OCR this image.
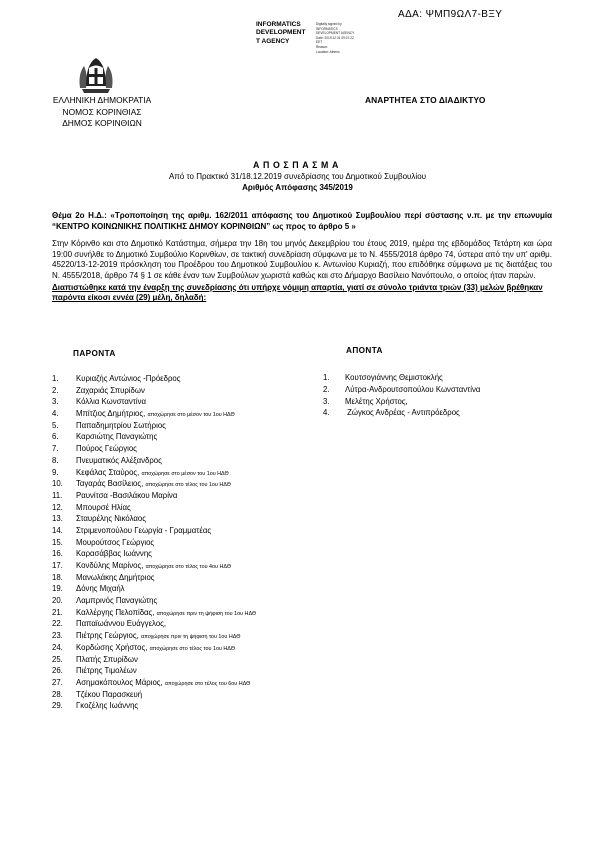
ΑΔΑ: ΨΜΠ9ΩΛ7-ΒΞΥ
INFORMATICS
DEVELOPMENT
T AGENCY
Digitally signed by
INFORMATICS
DEVELOPMENT AGENCY
Date: 2019.12.31 09:07:22
EET
Reason:
Location: Athens
ΕΛΛΗΝΙΚΗ ΔΗΜΟΚΡΑΤΙΑ
ΝΟΜΟΣ ΚΟΡΙΝΘΙΑΣ
ΔΗΜΟΣ ΚΟΡΙΝΘΙΩΝ
ΑΝΑΡΤΗΤΕΑ ΣΤΟ ΔΙΑΔΙΚΤΥΟ
ΑΠΟΣΠΑΣΜΑ
Από το Πρακτικό 31/18.12.2019 συνεδρίασης του Δημοτικού Συμβουλίου
Αριθμός Απόφασης 345/2019
Θέμα 2ο Η.Δ.: «Τροποποίηση της αριθμ. 162/2011 απόφασης του Δημοτικού Συμβουλίου περί σύστασης ν.π. με την επωνυμία “ΚΕΝΤΡΟ ΚΟΙΝΩΝΙΚΗΣ ΠΟΛΙΤΙΚΗΣ ΔΗΜΟΥ ΚΟΡΙΝΘΙΩΝ” ως προς το άρθρο 5 »
Στην Κόρινθο και στο Δημοτικό Κατάστημα, σήμερα την 18η του μηνός Δεκεμβρίου του έτους 2019, ημέρα της εβδομάδος Τετάρτη και ώρα 19:00 συνήλθε το Δημοτικό Συμβούλιο Κορινθίων, σε τακτική συνεδρίαση σύμφωνα με το Ν. 4555/2018 άρθρο 74, ύστερα από την υπ' αριθμ. 45220/13-12-2019 πρόσκληση του Προέδρου του Δημοτικού Συμβουλίου κ. Αντωνίου Κυριαζή, που επιδόθηκε σύμφωνα με τις διατάξεις του Ν. 4555/2018, άρθρο 74 § 1 σε κάθε έναν των Συμβούλων χωριστά καθώς και στο Δήμαρχο Βασίλειο Νανόπουλο, ο οποίος ήταν παρών.
Διαπιστώθηκε κατά την έναρξη της συνεδρίασης ότι υπήρχε νόμιμη απαρτία, γιατί σε σύνολο τριάντα τριών (33) μελών βρέθηκαν παρόντα είκοσι εννέα (29) μέλη, δηλαδή:
ΠΑΡΟΝΤΑ	ΑΠΟΝΤΑ
1. Κυριαζής Αντώνιος -Πρόεδρος
2. Ζαχαριάς Σπυρίδων
3. Κόλλια Κωνσταντίνα
4. Μπίτζιος Δημήτριος, αποχώρησε στο μέσον του 1ου ΗΔΘ
5. Παπαδημητρίου Σωτήριος
6. Καρσιώτης Παναγιώτης
7. Πούρος Γεώργιος
8. Πνευματικός Αλέξανδρος
9. Κεφάλας Σταύρος, αποχώρησε στο μέσον του 1ου ΗΔΘ
10. Ταγαράς Βασίλειος, αποχώρησε στο τέλος του 1ου ΗΔΘ
11. Ραυνίτσα -Βασιλάκου Μαρίνα
12. Μπουρσέ Ηλίας
13. Σταυρέλης Νικόλαος
14. Στριμενοπούλου Γεωργία - Γραμματέας
15. Μουρούτσος Γεώργιος
16. Καρασάββας Ιωάννης
17. Κονδύλης Μαρίνος, αποχώρησε στο τέλος του 4ου ΗΔΘ
18. Μανωλάκης Δημήτριος
19. Δόνης Μιχαήλ
20. Λαμπρινός Παναγιώτης
21. Καλλέργης Πελοπίδας, αποχώρησε πριν τη ψήφιση του 1ου ΗΔΘ
22. Παπαϊωάννου Ευάγγελος,
23. Πιέτρης Γεώργιος, αποχώρησε πριν τη ψήφιση του 1ου ΗΔΘ
24. Κορδώσης Χρήστος, αποχώρησε στο τέλος του 1ου ΗΔΘ
25. Πλατής Σπυρίδων
26. Πιέτρης Τιμολέων
27. Ασημακόπουλος Μάριος, αποχώρησε στο τέλος του 6ου ΗΔΘ
28. Τζέκου Παρασκευή
29. Γκοζέλης Ιωάννης
1. Κουτσογιάννης Θεμιστοκλής
2. Λύτρα-Ανδρουτσοπούλου Κωνσταντίνα
3. Μελέτης Χρήστος,
4. Ζώγκος Ανδρέας - Αντιπρόεδρος
